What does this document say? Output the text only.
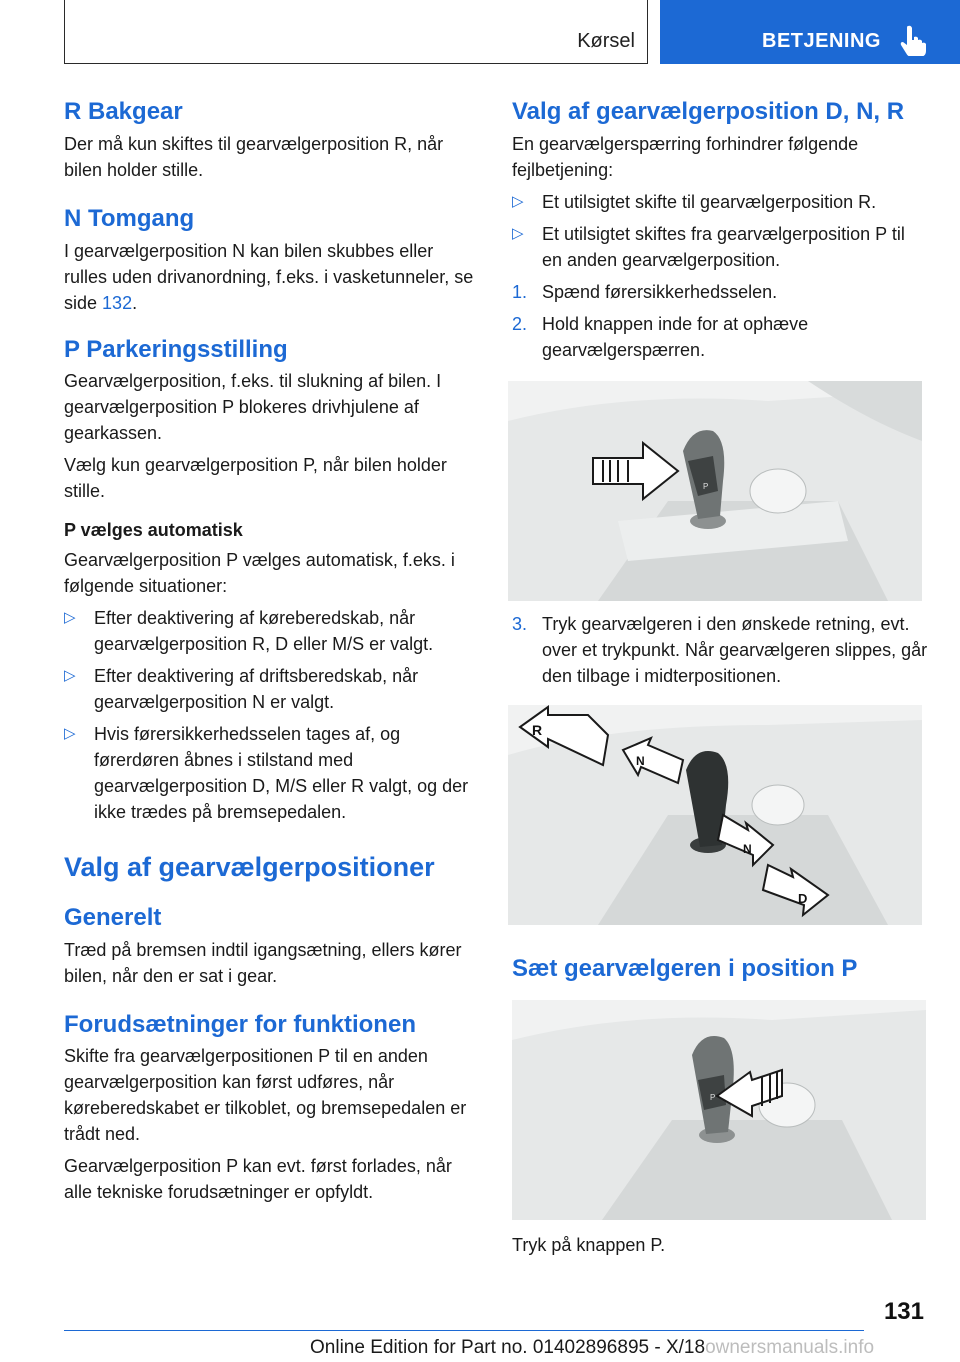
Kørsel	BETJENING
R Bakgear

Der må kun skiftes til gearvælgerposition R, når bilen holder stille.

N Tomgang

I gearvælgerposition N kan bilen skubbes eller rulles uden drivanordning, f.eks. i vasketunneler, se side 132.

P Parkeringsstilling

Gearvælgerposition, f.eks. til slukning af bilen. I gearvælgerposition P blokeres drivhjulene af gearkassen.

Vælg kun gearvælgerposition P, når bilen holder stille.

P vælges automatisk

Gearvælgerposition P vælges automatisk, f.eks. i følgende situationer:

▷	Efter deaktivering af køreberedskab, når gearvælgerposition R, D eller M/S er valgt.
▷	Efter deaktivering af driftsberedskab, når gearvælgerposition N er valgt.
▷	Hvis førersikkerhedsselen tages af, og førerdøren åbnes i stilstand med gearvælgerposition D, M/S eller R valgt, og der ikke trædes på bremsepedalen.
Valg af gearvælgerpositioner
Generelt

Træd på bremsen indtil igangsætning, ellers kører bilen, når den er sat i gear.

Forudsætninger for funktionen

Skifte fra gearvælgerpositionen P til en anden gearvælgerposition kan først udføres, når køreberedskabet er tilkoblet, og bremsepedalen er trådt ned.

Gearvælgerposition P kan evt. først forlades, når alle tekniske forudsætninger er opfyldt.

Valg af gearvælgerposition D, N, R

En gearvælgerspærring forhindrer følgende fejlbetjening:

▷	Et utilsigtet skifte til gearvælgerposition R.
▷	Et utilsigtet skiftes fra gearvælgerposition P til en anden gearvælgerposition.
1. Spænd førersikkerhedsselen.
2. Hold knappen inde for at ophæve gearvælgerspærren.
P
3. Tryk gearvælgeren i den ønskede retning, evt. over et trykpunkt. Når gearvælgeren slippes, går den tilbage i midterpositionen.
R
N
N
D
Sæt gearvælgeren i position P
P

Tryk på knappen P.

131
Online Edition for Part no. 01402896895 - X/18ownersmanuals.info
